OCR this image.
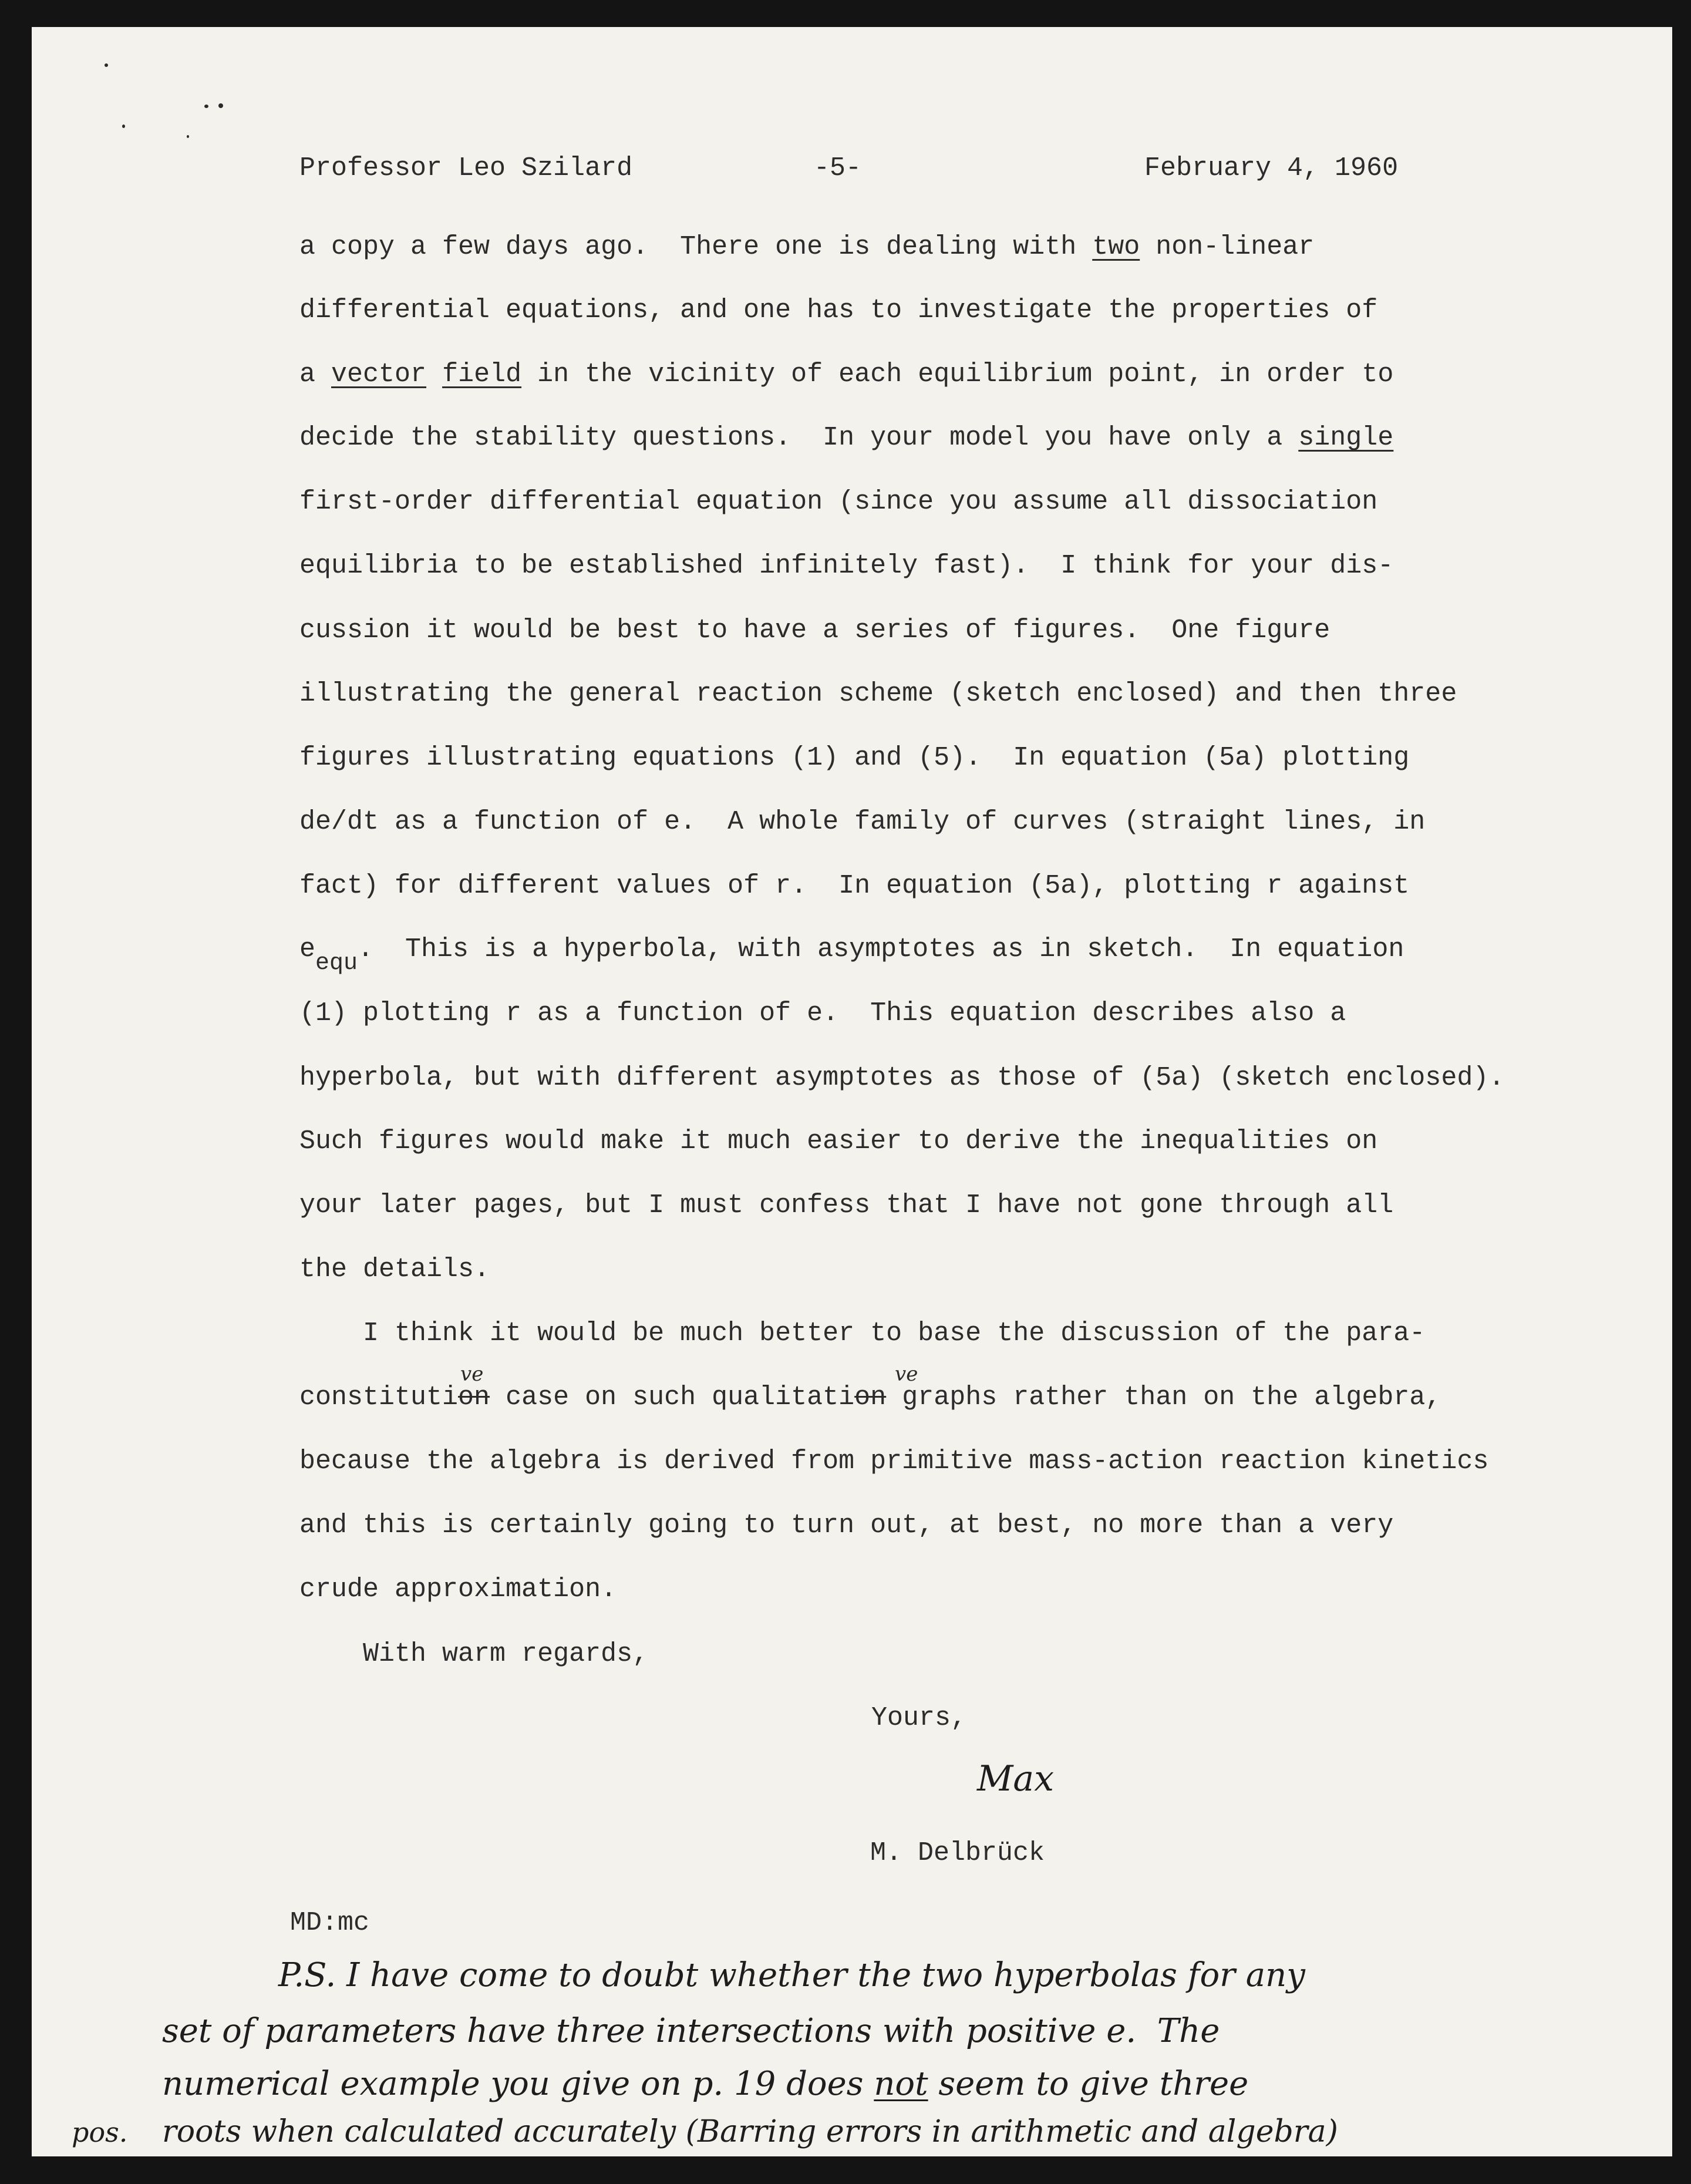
Professor Leo Szilard	-5-	February 4, 1960
a copy a few days ago.  There one is dealing with two non-linear
differential equations, and one has to investigate the properties of
a vector field in the vicinity of each equilibrium point, in order to
decide the stability questions.  In your model you have only a single
first-order differential equation (since you assume all dissociation
equilibria to be established infinitely fast).  I think for your dis-
cussion it would be best to have a series of figures.  One figure
illustrating the general reaction scheme (sketch enclosed) and then three
figures illustrating equations (1) and (5).  In equation (5a) plotting
de/dt as a function of e.  A whole family of curves (straight lines, in
fact) for different values of r.  In equation (5a), plotting r against
eequ.  This is a hyperbola, with asymptotes as in sketch.  In equation
(1) plotting r as a function of e.  This equation describes also a
hyperbola, but with different asymptotes as those of (5a) (sketch enclosed).
Such figures would make it much easier to derive the inequalities on
your later pages, but I must confess that I have not gone through all
the details.
I think it would be much better to base the discussion of the para-
constitution case on such qualitation graphs rather than on the algebra,
ve	ve
because the algebra is derived from primitive mass-action reaction kinetics
and this is certainly going to turn out, at best, no more than a very
crude approximation.
With warm regards,
Yours,
Max
M. Delbrück
MD:mc
P.S. I have come to doubt whether the two hyperbolas for any
set of parameters have three intersections with positive e.  The
numerical example you give on p. 19 does not seem to give three
pos. roots when calculated accurately (Barring errors in arithmetic and algebra)
